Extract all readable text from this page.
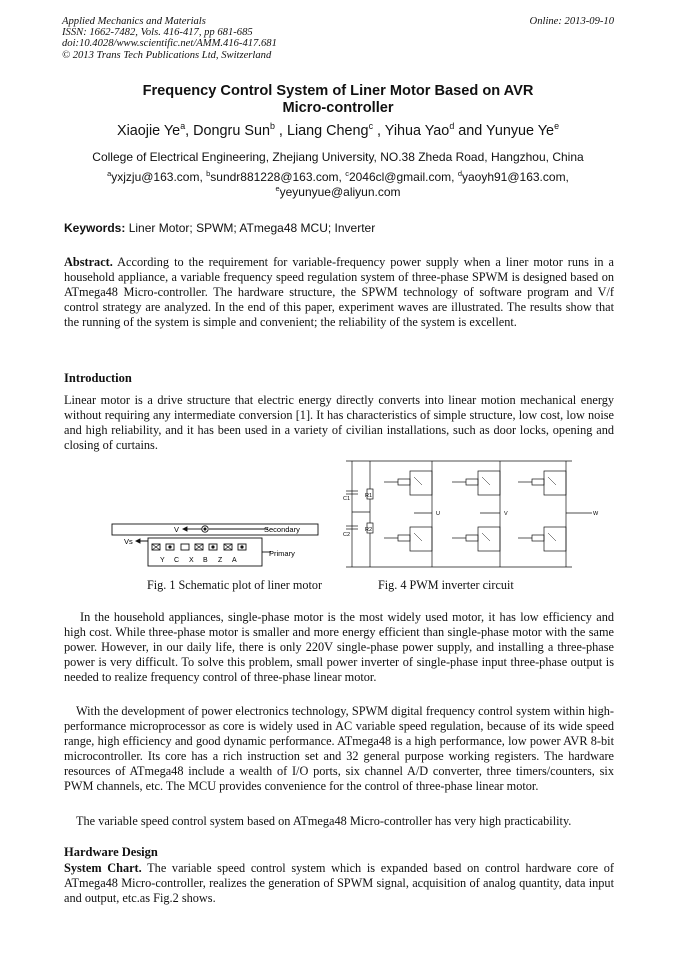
Applied Mechanics and Materials
ISSN: 1662-7482, Vols. 416-417, pp 681-685
doi:10.4028/www.scientific.net/AMM.416-417.681
© 2013 Trans Tech Publications Ltd, Switzerland
Online: 2013-09-10
Frequency Control System of Liner Motor Based on AVR
Micro-controller
Xiaojie Ye$^a$, Dongru Sun$^b$ , Liang Cheng$^c$ , Yihua Yao$^d$ and Yunyue Ye$^e$
College of Electrical Engineering, Zhejiang University, NO.38 Zheda Road, Hangzhou, China
$^a$yxjzju@163.com, $^b$sundr881228@163.com, $^c$2046cl@gmail.com, $^d$yaoyh91@163.com,
$^e$yeyunyue@aliyun.com
Keywords: Liner Motor; SPWM; ATmega48 MCU; Inverter
Abstract. According to the requirement for variable-frequency power supply when a liner motor runs in a household appliance, a variable frequency speed regulation system of three-phase SPWM is designed based on ATmega48 Micro-controller. The hardware structure, the SPWM technology of software program and V/f control strategy are analyzed. In the end of this paper, experiment waves are illustrated. The results show that the running of the system is simple and convenient; the reliability of the system is excellent.
Introduction
Linear motor is a drive structure that electric energy directly converts into linear motion mechanical energy without requiring any intermediate conversion [1]. It has characteristics of simple structure, low cost, low noise and high reliability, and it has been used in a variety of civilian installations, such as door locks, opening and closing of curtains.
V	Secondary
Vs
Primary
Y C X B Z A
C1
C2
R1
R2
U	V	W
Fig. 1 Schematic plot of liner motor	Fig. 4 PWM inverter circuit
In the household appliances, single-phase motor is the most widely used motor, it has low efficiency and high cost. While three-phase motor is smaller and more energy efficient than single-phase motor with the same power. However, in our daily life, there is only 220V single-phase power supply, and installing a three-phase power is very difficult. To solve this problem, small power inverter of single-phase input three-phase output is needed to realize frequency control of three-phase linear motor.
With the development of power electronics technology, SPWM digital frequency control system within high-performance microprocessor as core is widely used in AC variable speed regulation, because of its wide speed range, high efficiency and good dynamic performance. ATmega48 is a high performance, low power AVR 8-bit microcontroller. Its core has a rich instruction set and 32 general purpose working registers. The hardware resources of ATmega48 include a wealth of I/O ports, six channel A/D converter, three timers/counters, six PWM channels, etc. The MCU provides convenience for the control of three-phase linear motor.
The variable speed control system based on ATmega48 Micro-controller has very high practicability.
Hardware Design
System Chart. The variable speed control system which is expanded based on control hardware core of ATmega48 Micro-controller, realizes the generation of SPWM signal, acquisition of analog quantity, data input and output, etc.as Fig.2 shows.
